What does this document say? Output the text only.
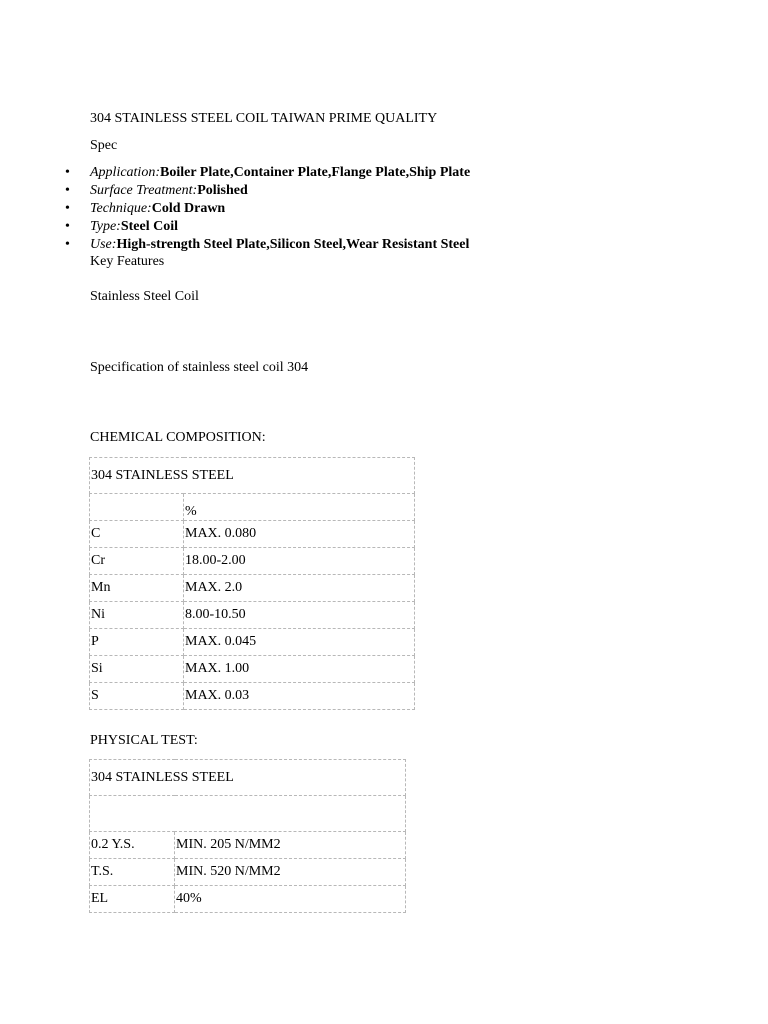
304 STAINLESS STEEL COIL TAIWAN PRIME QUALITY
Spec
• Application:Boiler Plate,Container Plate,Flange Plate,Ship Plate
• Surface Treatment:Polished
• Technique:Cold Drawn
• Type:Steel Coil
• Use:High-strength Steel Plate,Silicon Steel,Wear Resistant Steel
Key Features
Stainless Steel Coil
Specification of stainless steel coil 304
CHEMICAL COMPOSITION:
304 STAINLESS STEEL	
	%
C	MAX. 0.080
Cr	18.00-2.00
Mn	MAX. 2.0
Ni	8.00-10.50
P	MAX. 0.045
Si	MAX. 1.00
S	MAX. 0.03
PHYSICAL TEST:
304 STAINLESS STEEL	

0.2 Y.S.	MIN. 205 N/MM2
T.S.	MIN. 520 N/MM2
EL	40%
